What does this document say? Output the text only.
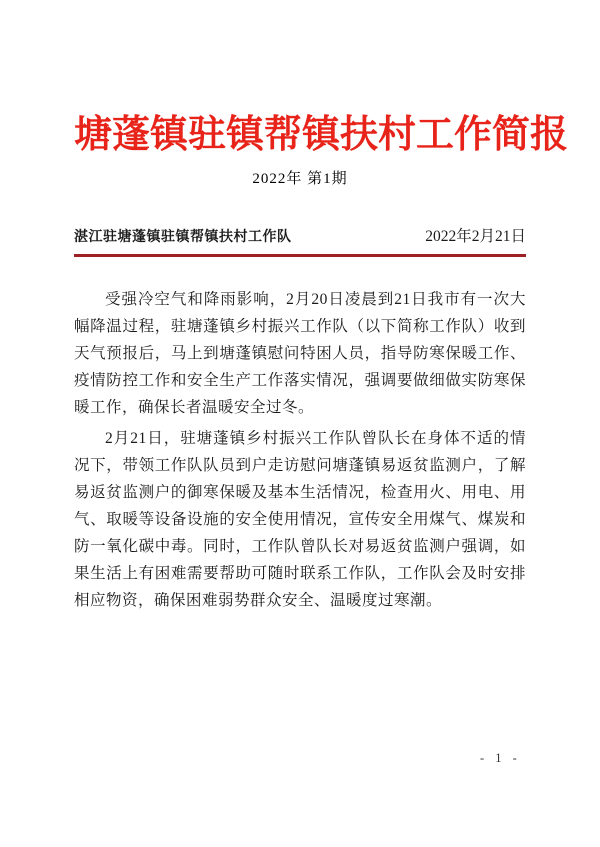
塘蓬镇驻镇帮镇扶村工作简报
2022年 第1期
湛江驻塘蓬镇驻镇帮镇扶村工作队	2022年2月21日

受强冷空气和降雨影响，2月20日凌晨到21日我市有一次大幅降温过程，驻塘蓬镇乡村振兴工作队（以下简称工作队）收到天气预报后，马上到塘蓬镇慰问特困人员，指导防寒保暖工作、疫情防控工作和安全生产工作落实情况，强调要做细做实防寒保暖工作，确保长者温暖安全过冬。

2月21日，驻塘蓬镇乡村振兴工作队曾队长在身体不适的情况下，带领工作队队员到户走访慰问塘蓬镇易返贫监测户，了解易返贫监测户的御寒保暖及基本生活情况，检查用火、用电、用气、取暖等设备设施的安全使用情况，宣传安全用煤气、煤炭和防一氧化碳中毒。同时，工作队曾队长对易返贫监测户强调，如果生活上有困难需要帮助可随时联系工作队，工作队会及时安排相应物资，确保困难弱势群众安全、温暖度过寒潮。

- 1 -
